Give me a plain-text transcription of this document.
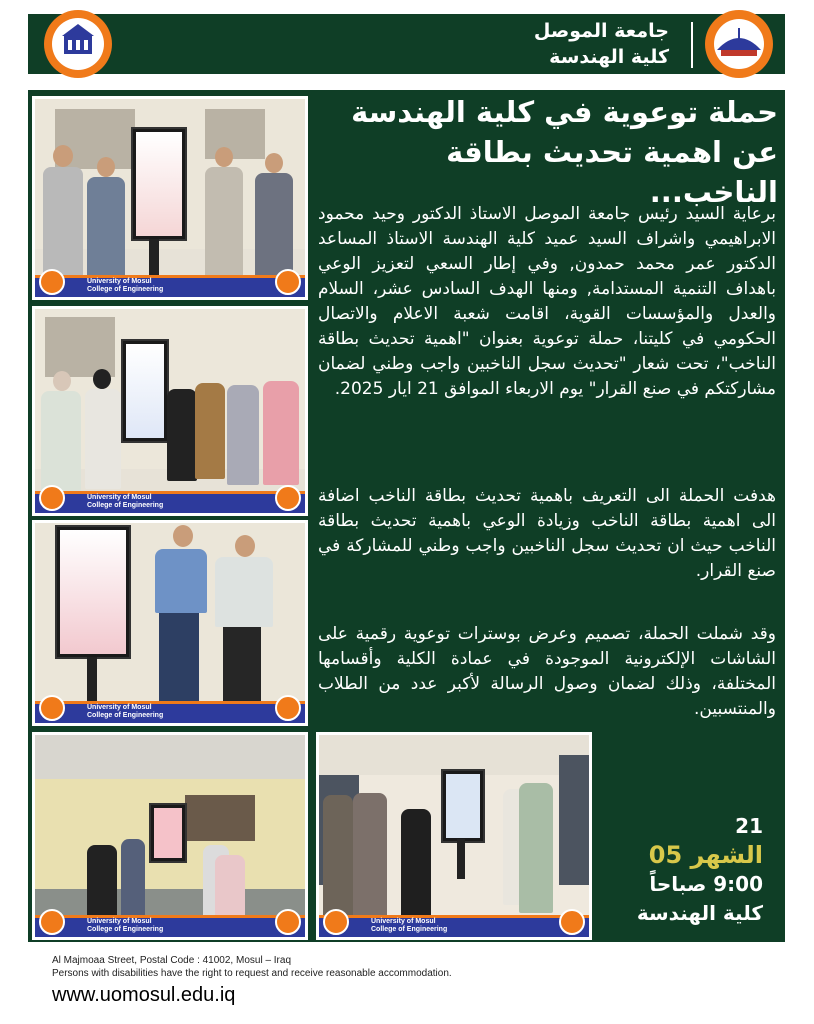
جامعة الموصل
كلية الهندسة
University of Mosul
College of Engineering
University of Mosul
College of Engineering
University of Mosul
College of Engineering
University of Mosul
College of Engineering
University of Mosul
College of Engineering
حملة توعوية في كلية الهندسة عن اهمية تحديث بطاقة الناخب...
برعاية السيد رئيس جامعة الموصل الاستاذ الدكتور وحيد محمود الابراهيمي واشراف السيد عميد كلية الهندسة الاستاذ المساعد الدكتور عمر محمد حمدون, وفي إطار السعي لتعزيز الوعي باهداف التنمية المستدامة, ومنها الهدف السادس عشر، السلام والعدل والمؤسسات القوية، اقامت شعبة الاعلام والاتصال الحكومي في كليتنا، حملة توعوية بعنوان "اهمية تحديث بطاقة الناخب"، تحت شعار "تحديث سجل الناخبين واجب وطني لضمان مشاركتكم في صنع القرار" يوم الاربعاء الموافق 21 ايار 2025.
هدفت الحملة الى التعريف باهمية تحديث بطاقة الناخب اضافة الى اهمية بطاقة الناخب وزيادة الوعي باهمية تحديث بطاقة الناخب حيث ان تحديث سجل الناخبين واجب وطني للمشاركة في صنع القرار.
وقد شملت الحملة، تصميم وعرض بوسترات توعوية رقمية على الشاشات الإلكترونية الموجودة في عمادة الكلية وأقسامها المختلفة، وذلك لضمان وصول الرسالة لأكبر عدد من الطلاب والمنتسبين.
21
الشهر 05
9:00 صباحاً
كلية الهندسة
Al Majmoaa Street, Postal Code : 41002, Mosul – Iraq
Persons with disabilities have the right to request and receive reasonable accommodation.
www.uomosul.edu.iq
